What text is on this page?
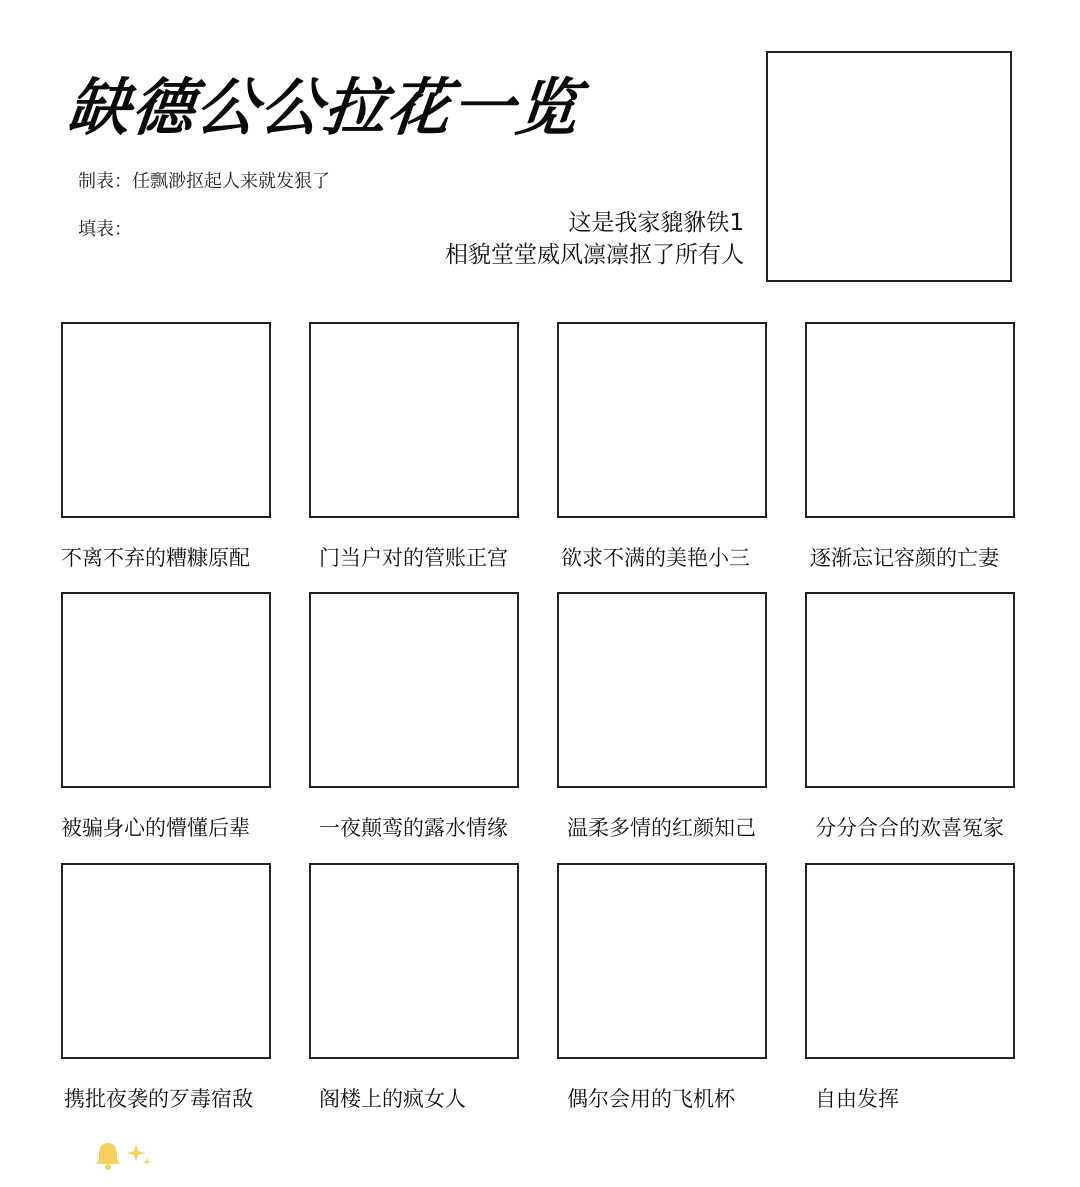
缺德公公拉花一览
制表：任飘渺抠起人来就发狠了
填表：	这是我家貔貅铁1
相貌堂堂威风凛凛抠了所有人
不离不弃的糟糠原配	门当户对的管账正宫	欲求不满的美艳小三	逐渐忘记容颜的亡妻
被骗身心的懵懂后辈	一夜颠鸾的露水情缘	温柔多情的红颜知己	分分合合的欢喜冤家
携批夜袭的歹毒宿敌	阁楼上的疯女人	偶尔会用的飞机杯	自由发挥
